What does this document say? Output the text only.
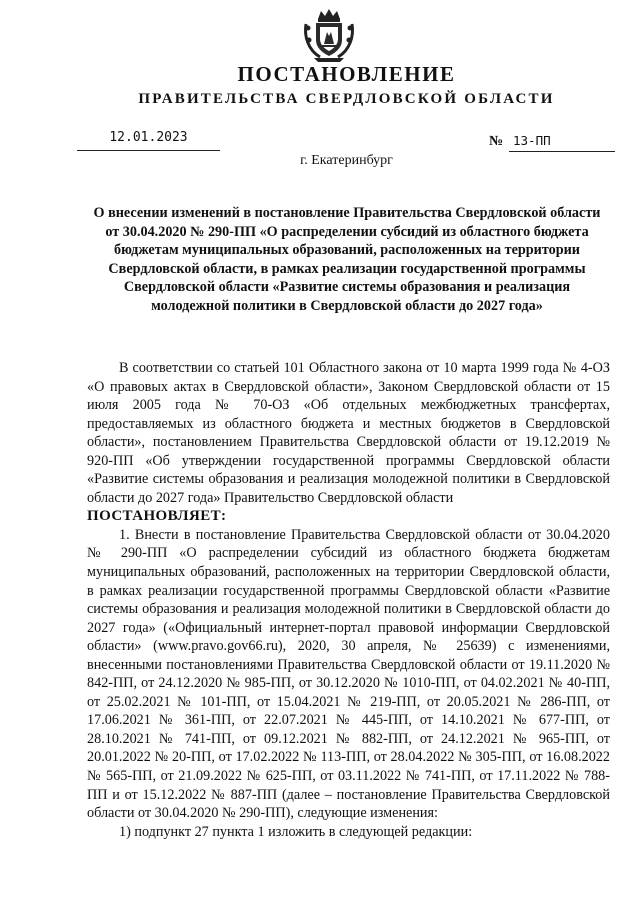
ПОСТАНОВЛЕНИЕ
ПРАВИТЕЛЬСТВА СВЕРДЛОВСКОЙ ОБЛАСТИ
12.01.2023	№ 13-ПП
г. Екатеринбург
О внесении изменений в постановление Правительства Свердловской области от 30.04.2020 № 290-ПП «О распределении субсидий из областного бюджета бюджетам муниципальных образований, расположенных на территории Свердловской области, в рамках реализации государственной программы Свердловской области «Развитие системы образования и реализация молодежной политики в Свердловской области до 2027 года»

В соответствии со статьей 101 Областного закона от 10 марта 1999 года № 4-ОЗ «О правовых актах в Свердловской области», Законом Свердловской области от 15 июля 2005 года № 70-ОЗ «Об отдельных межбюджетных трансфертах, предоставляемых из областного бюджета и местных бюджетов в Свердловской области», постановлением Правительства Свердловской области от 19.12.2019 № 920-ПП «Об утверждении государственной программы Свердловской области «Развитие системы образования и реализация молодежной политики в Свердловской области до 2027 года» Правительство Свердловской области

ПОСТАНОВЛЯЕТ:

1. Внести в постановление Правительства Свердловской области от 30.04.2020 № 290-ПП «О распределении субсидий из областного бюджета бюджетам муниципальных образований, расположенных на территории Свердловской области, в рамках реализации государственной программы Свердловской области «Развитие системы образования и реализация молодежной политики в Свердловской области до 2027 года» («Официальный интернет-портал правовой информации Свердловской области» (www.pravo.gov66.ru), 2020, 30 апреля, № 25639) с изменениями, внесенными постановлениями Правительства Свердловской области от 19.11.2020 № 842-ПП, от 24.12.2020 № 985-ПП, от 30.12.2020 № 1010-ПП, от 04.02.2021 № 40-ПП, от 25.02.2021 № 101-ПП, от 15.04.2021 № 219-ПП, от 20.05.2021 № 286-ПП, от 17.06.2021 № 361-ПП, от 22.07.2021 № 445-ПП, от 14.10.2021 № 677-ПП, от 28.10.2021 № 741-ПП, от 09.12.2021 № 882-ПП, от 24.12.2021 № 965-ПП, от 20.01.2022 № 20-ПП, от 17.02.2022 № 113-ПП, от 28.04.2022 № 305-ПП, от 16.08.2022 № 565-ПП, от 21.09.2022 № 625-ПП, от 03.11.2022 № 741-ПП, от 17.11.2022 № 788-ПП и от 15.12.2022 № 887-ПП (далее – постановление Правительства Свердловской области от 30.04.2020 № 290-ПП), следующие изменения:

1) подпункт 27 пункта 1 изложить в следующей редакции:
